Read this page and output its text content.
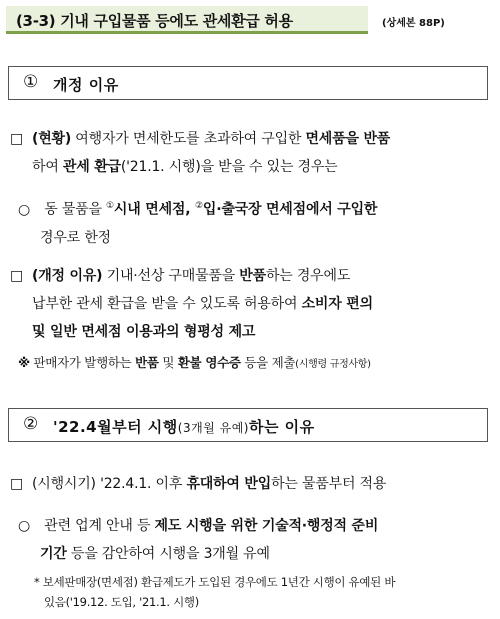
(3-3) 기내 구입물품 등에도 관세환급 허용	(상세본 88P)
① 개정 이유
□ (현황) 여행자가 면세한도를 초과하여 구입한 면세품을 반품
하여 관세 환급('21.1. 시행)을 받을 수 있는 경우는
○ 동 물품을 ①시내 면세점, ②입·출국장 면세점에서 구입한
경우로 한정
□ (개정 이유) 기내·선상 구매물품을 반품하는 경우에도
납부한 관세 환급을 받을 수 있도록 허용하여 소비자 편의
및 일반 면세점 이용과의 형평성 제고
※ 판매자가 발행하는 반품 및 환불 영수증 등을 제출(시행령 규정사항)
② '22.4월부터 시행(3개월 유예)하는 이유
□ (시행시기) '22.4.1. 이후 휴대하여 반입하는 물품부터 적용
○ 관련 업계 안내 등 제도 시행을 위한 기술적·행정적 준비
기간 등을 감안하여 시행을 3개월 유예
* 보세판매장(면세점) 환급제도가 도입된 경우에도 1년간 시행이 유예된 바
있음('19.12. 도입, '21.1. 시행)
